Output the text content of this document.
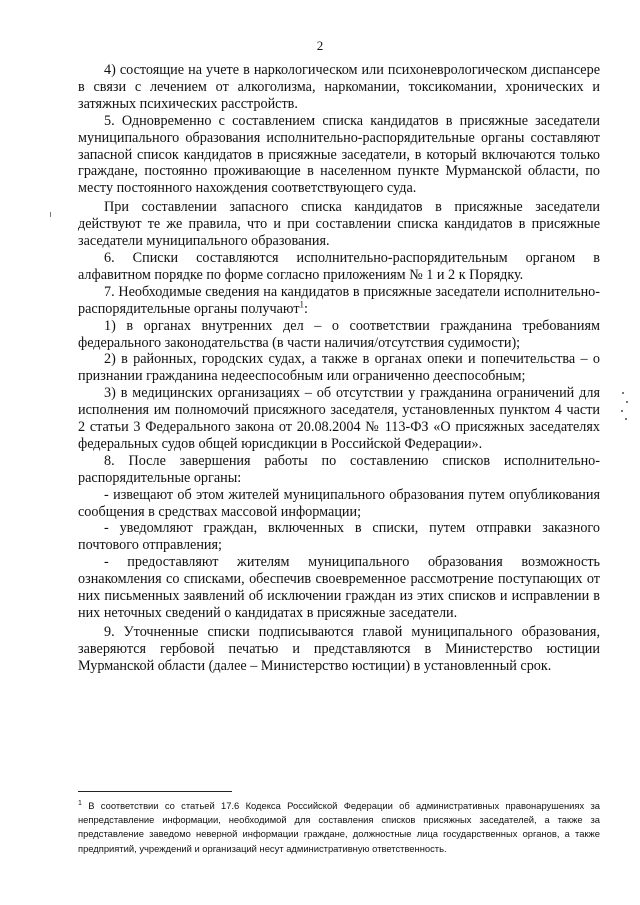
2

4) состоящие на учете в наркологическом или психоневрологическом диспансере в связи с лечением от алкоголизма, наркомании, токсикомании, хронических и затяжных психических расстройств.

5. Одновременно с составлением списка кандидатов в присяжные заседатели муниципального образования исполнительно-распорядительные органы составляют запасной список кандидатов в присяжные заседатели, в который включаются только граждане, постоянно проживающие в населенном пункте Мурманской области, по месту постоянного нахождения соответствующего суда.

При составлении запасного списка кандидатов в присяжные заседатели действуют те же правила, что и при составлении списка кандидатов в присяжные заседатели муниципального образования.

6. Списки составляются исполнительно-распорядительным органом в алфавитном порядке по форме согласно приложениям № 1 и 2 к Порядку.

7. Необходимые сведения на кандидатов в присяжные заседатели исполнительно-распорядительные органы получают$^1$:

1) в органах внутренних дел – о соответствии гражданина требованиям федерального законодательства (в части наличия/отсутствия судимости);

2) в районных, городских судах, а также в органах опеки и попечительства – о признании гражданина недееспособным или ограниченно дееспособным;

3) в медицинских организациях – об отсутствии у гражданина ограничений для исполнения им полномочий присяжного заседателя, установленных пунктом 4 части 2 статьи 3 Федерального закона от 20.08.2004 № 113-ФЗ «О присяжных заседателях федеральных судов общей юрисдикции в Российской Федерации».

8. После завершения работы по составлению списков исполнительно-распорядительные органы:

- извещают об этом жителей муниципального образования путем опубликования сообщения в средствах массовой информации;

- уведомляют граждан, включенных в списки, путем отправки заказного почтового отправления;

- предоставляют жителям муниципального образования возможность ознакомления со списками, обеспечив своевременное рассмотрение поступающих от них письменных заявлений об исключении граждан из этих списков и исправлении в них неточных сведений о кандидатах в присяжные заседатели.

9. Уточненные списки подписываются главой муниципального образования, заверяются гербовой печатью и представляются в Министерство юстиции Мурманской области (далее – Министерство юстиции) в установленный срок.

$^1$ В соответствии со статьей 17.6 Кодекса Российской Федерации об административных правонарушениях за непредставление информации, необходимой для составления списков присяжных заседателей, а также за представление заведомо неверной информации граждане, должностные лица государственных органов, а также предприятий, учреждений и организаций несут административную ответственность.
